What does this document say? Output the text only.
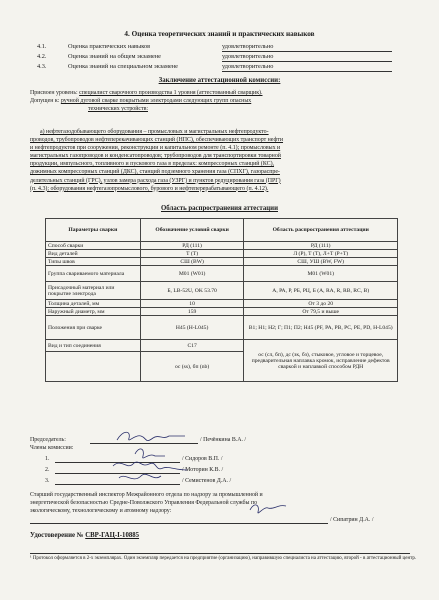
4. Оценка теоретических знаний и практических навыков
4.1.	Оценка практических навыков	удовлетворительно
4.2.	Оценка знаний на общем экзамене	удовлетворительно
4.3.	Оценка знаний на специальном экзамене	удовлетворительно
Заключение аттестационной комиссии:
Присвоен уровень: специалист сварочного производства 1 уровня (аттестованный сварщик).
Допущен к: ручной дуговой сварке покрытыми электродами следующих групп опасных
технических устройств:
а) нефтегазодобывающего оборудования – промысловых и магистральных нефтепродукто-
проводов, трубопроводов нефтеперекачивающих станций (НПС), обеспечивающих транспорт нефти
и нефтепродуктов при сооружении, реконструкции и капитальном ремонте (п. 4.1); промысловых и
магистральных газопроводов и конденсатопроводов; трубопроводов для транспортировки товарной
продукции, импульсного, топливного и пускового газа в пределах: компрессорных станций (КС),
дожимных компрессорных станций (ДКС), станций подземного хранения газа (СПХГ), газораспре-
делительных станций (ГРС), узлов замера расхода газа (УЗРГ) и пунктов редуцирования газа (ПРГ)
(п. 4.3); оборудования нефтегазопромыслового, бурового и нефтеперерабатывающего (п. 4.12).
Область распространения аттестации
Параметры сварки	Обозначение условий сварки	Область распространения аттестации
Способ сварки	РД (111)	РД (111)
Вид деталей	Т (Т)	Л (Р), Т (Т), Л+Т (Р+Т)
Типы швов	СШ (BW)	СШ, УШ (BW, FW)
Группа свариваемого материала	М01 (W01)	М01 (W01)
Присадочный материал или покрытие электрода	Б, LB-52U, OK 53.70	А, РА, Р, РБ, РЦ, Б (A, RA, R, RB, RC, B)
Толщина деталей, мм	10	От 3 до 20
Наружный диаметр, мм	159	От 79,5 и выше
Положения при сварке	H45 (H-L045)	В1; Н1; Н2; Г; П1; П2; Н45 (PF, PA, PB, PC, PE, PD, H-L045)
Вид и тип соединения	С17	ос (сл, бп), дс (зк, бз), стыковое, угловое и торцевое, предварительная наплавка кромок, исправление дефектов сваркой и наплавкой способом РДН
	ос (ss), бп (nb)	
Председатель:	/ Печёнкина В.А. /
Члены комиссии:
1.	/ Сидоров В.П. /
2.	/ Моторин К.В. /
3.	/ Семистенов Д.А. /
Старший государственный инспектор Межрайонного отдела по надзору за промышленной и
энергетической безопасностью Средне-Поволжского Управления Федеральной службы по
экологическому, технологическому и атомному надзору:
/ Сипатрин Д.А. /
Удостоверение № СВР-ГАЦ-I-10885
¹ Протокол оформляется в 2-х экземплярах. Один экземпляр передается на предприятие (организацию), направившую специалиста на аттестацию, второй - в аттестационный центр.
